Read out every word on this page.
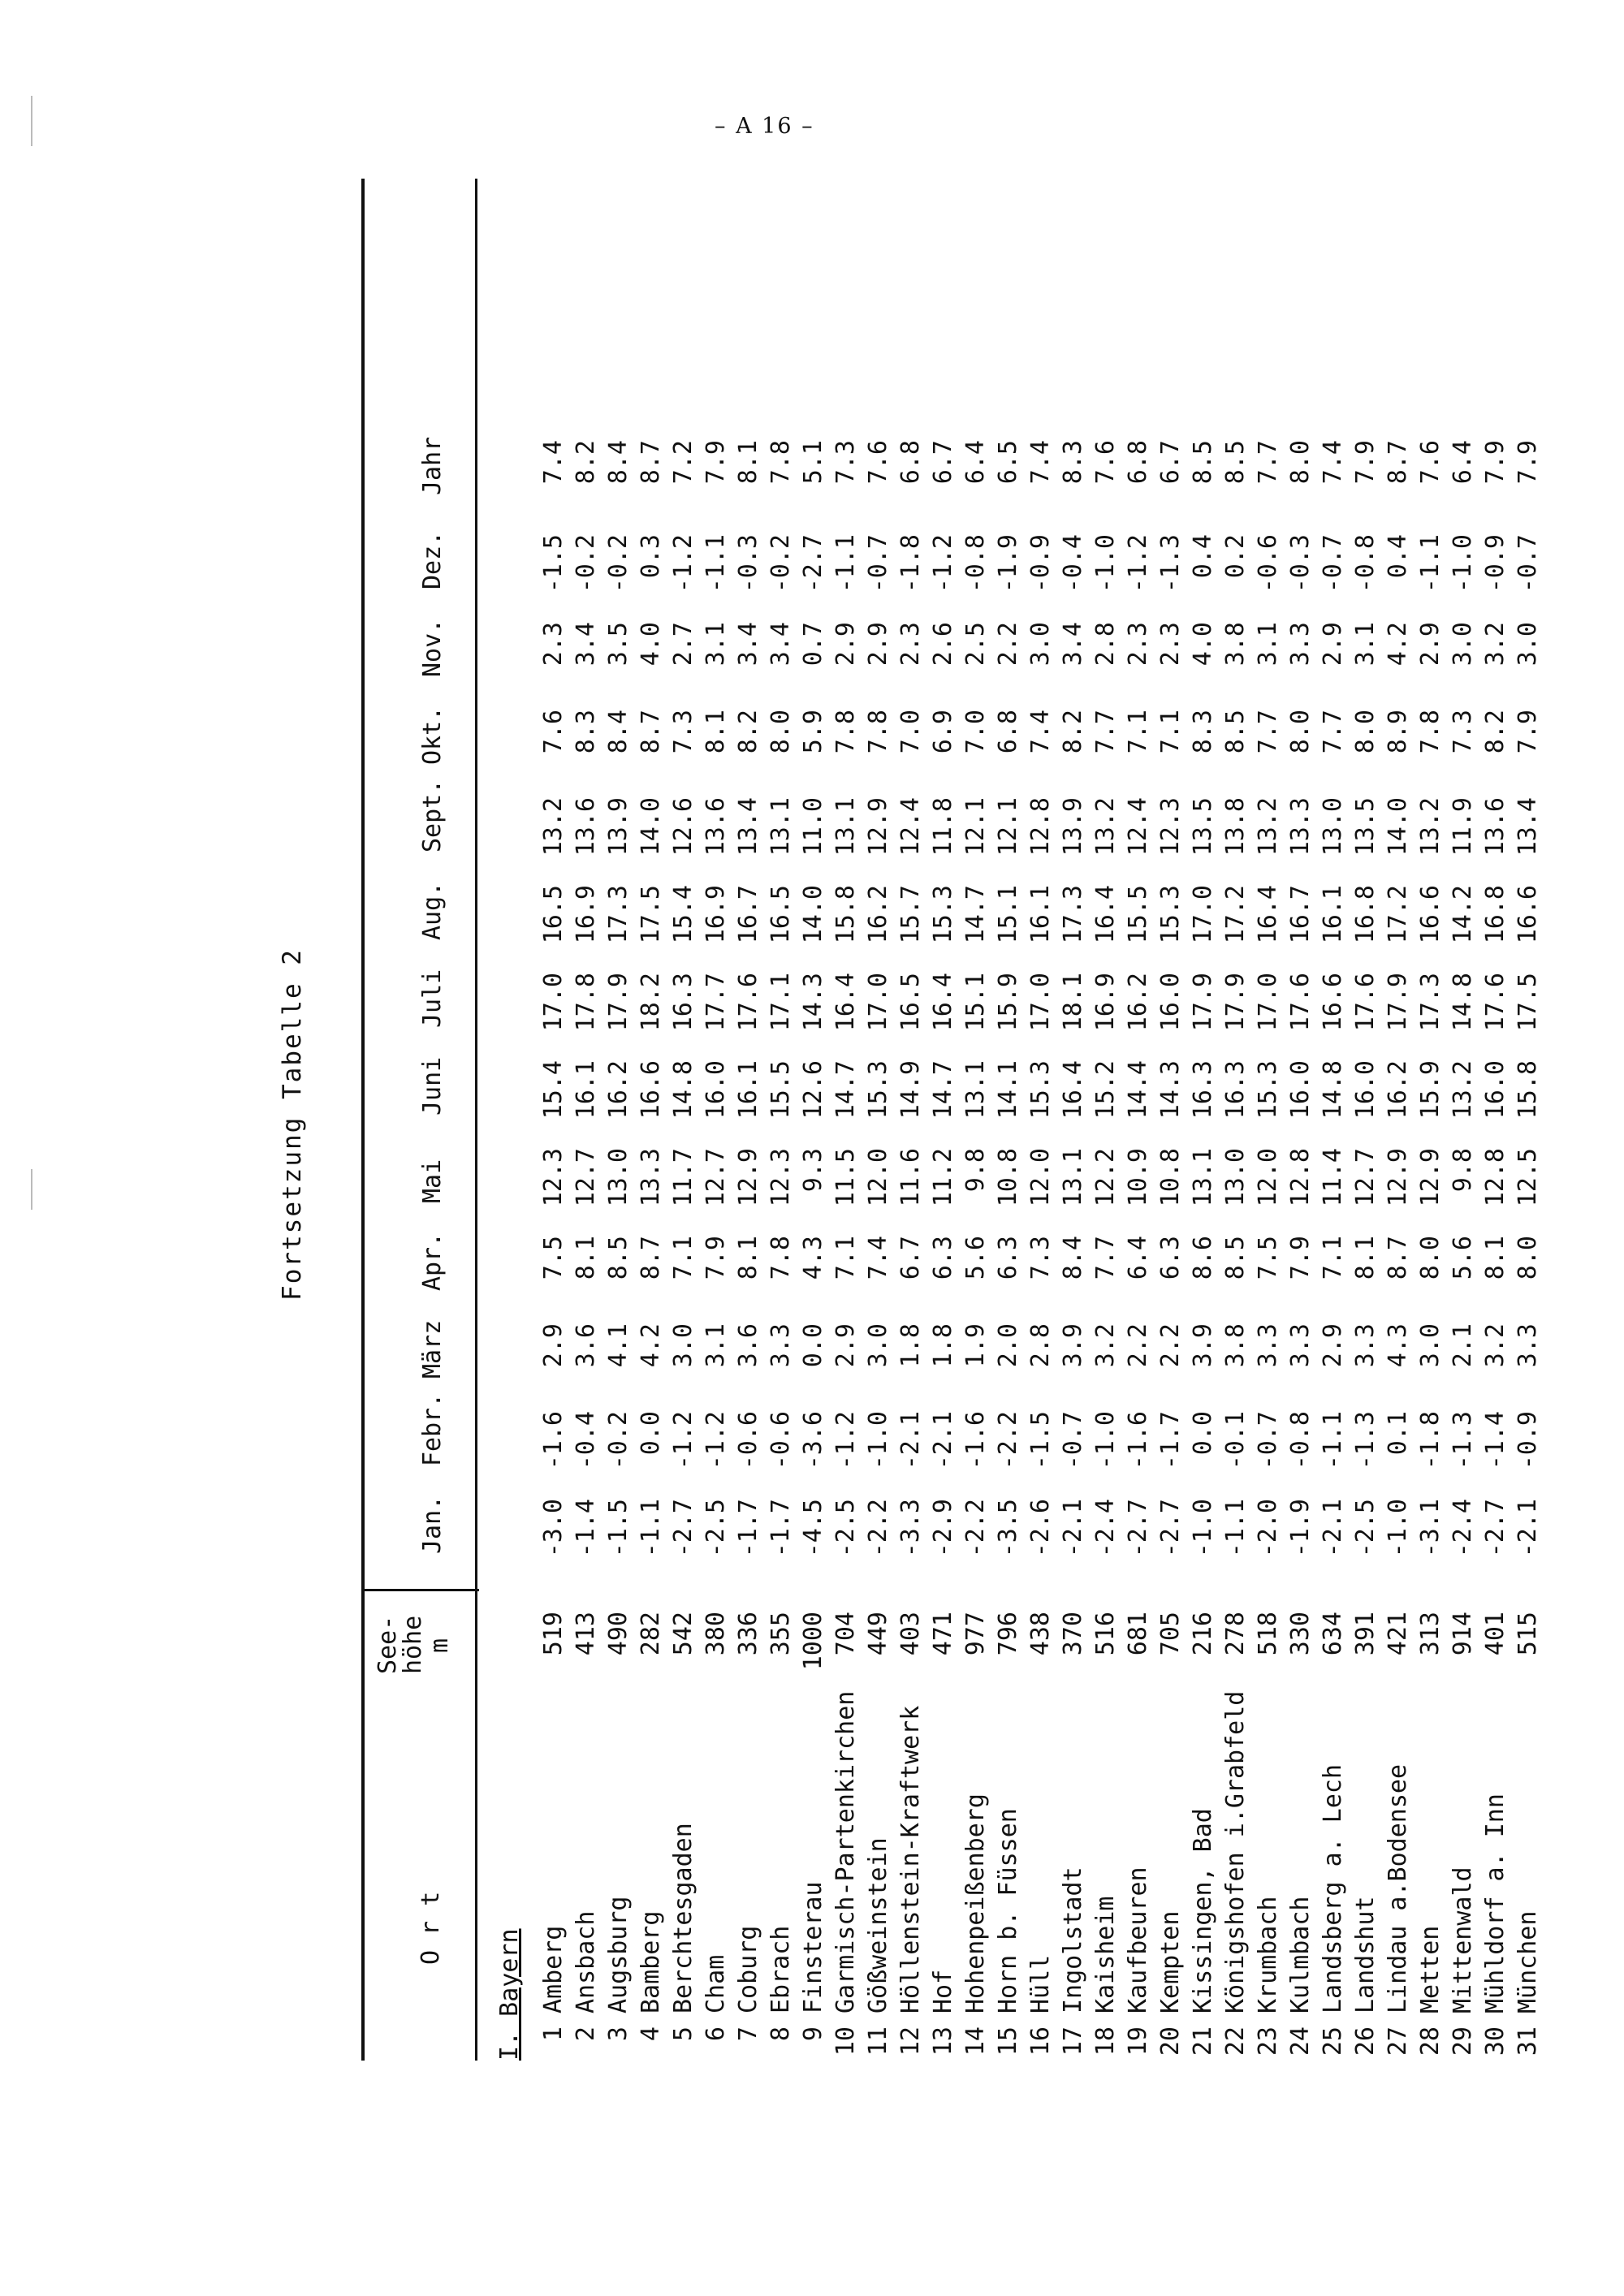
– A 16 –
Fortsetzung Tabelle 2
O r t
See-
höhe
m
Jan.
Febr.
März
Apr.
Mai
Juni
Juli
Aug.
Sept.
Okt.
Nov.
Dez.
Jahr
I. Bayern 1
Amberg
519
-3.0
-1.6
2.9
7.5
12.3
15.4
17.0
16.5
13.2
7.6
2.3
-1.5
7.4
2
Ansbach
413
-1.4
-0.4
3.6
8.1
12.7
16.1
17.8
16.9
13.6
8.3
3.4
-0.2
8.2
3
Augsburg
490
-1.5
-0.2
4.1
8.5
13.0
16.2
17.9
17.3
13.9
8.4
3.5
-0.2
8.4
4
Bamberg
282
-1.1
0.0
4.2
8.7
13.3
16.6
18.2
17.5
14.0
8.7
4.0
0.3
8.7
5
Berchtesgaden
542
-2.7
-1.2
3.0
7.1
11.7
14.8
16.3
15.4
12.6
7.3
2.7
-1.2
7.2
6
Cham
380
-2.5
-1.2
3.1
7.9
12.7
16.0
17.7
16.9
13.6
8.1
3.1
-1.1
7.9
7
Coburg
336
-1.7
-0.6
3.6
8.1
12.9
16.1
17.6
16.7
13.4
8.2
3.4
-0.3
8.1
8
Ebrach
355
-1.7
-0.6
3.3
7.8
12.3
15.5
17.1
16.5
13.1
8.0
3.4
-0.2
7.8
9
Finsterau
1000
-4.5
-3.6
0.0
4.3
9.3
12.6
14.3
14.0
11.0
5.9
0.7
-2.7
5.1
10
Garmisch-Partenkirchen
704
-2.5
-1.2
2.9
7.1
11.5
14.7
16.4
15.8
13.1
7.8
2.9
-1.1
7.3
11
Gößweinstein
449
-2.2
-1.0
3.0
7.4
12.0
15.3
17.0
16.2
12.9
7.8
2.9
-0.7
7.6
12
Höllenstein-Kraftwerk
403
-3.3
-2.1
1.8
6.7
11.6
14.9
16.5
15.7
12.4
7.0
2.3
-1.8
6.8
13
Hof
471
-2.9
-2.1
1.8
6.3
11.2
14.7
16.4
15.3
11.8
6.9
2.6
-1.2
6.7
14
Hohenpeißenberg
977
-2.2
-1.6
1.9
5.6
9.8
13.1
15.1
14.7
12.1
7.0
2.5
-0.8
6.4
15
Horn b. Füssen
796
-3.5
-2.2
2.0
6.3
10.8
14.1
15.9
15.1
12.1
6.8
2.2
-1.9
6.5
16
Hüll
438
-2.6
-1.5
2.8
7.3
12.0
15.3
17.0
16.1
12.8
7.4
3.0
-0.9
7.4
17
Ingolstadt
370
-2.1
-0.7
3.9
8.4
13.1
16.4
18.1
17.3
13.9
8.2
3.4
-0.4
8.3
18
Kaisheim
516
-2.4
-1.0
3.2
7.7
12.2
15.2
16.9
16.4
13.2
7.7
2.8
-1.0
7.6
19
Kaufbeuren
681
-2.7
-1.6
2.2
6.4
10.9
14.4
16.2
15.5
12.4
7.1
2.3
-1.2
6.8
20
Kempten
705
-2.7
-1.7
2.2
6.3
10.8
14.3
16.0
15.3
12.3
7.1
2.3
-1.3
6.7
21
Kissingen, Bad
216
-1.0
0.0
3.9
8.6
13.1
16.3
17.9
17.0
13.5
8.3
4.0
0.4
8.5
22
Königshofen i.Grabfeld
278
-1.1
-0.1
3.8
8.5
13.0
16.3
17.9
17.2
13.8
8.5
3.8
0.2
8.5
23
Krumbach
518
-2.0
-0.7
3.3
7.5
12.0
15.3
17.0
16.4
13.2
7.7
3.1
-0.6
7.7
24
Kulmbach
330
-1.9
-0.8
3.3
7.9
12.8
16.0
17.6
16.7
13.3
8.0
3.3
-0.3
8.0
25
Landsberg a. Lech
634
-2.1
-1.1
2.9
7.1
11.4
14.8
16.6
16.1
13.0
7.7
2.9
-0.7
7.4
26
Landshut
391
-2.5
-1.3
3.3
8.1
12.7
16.0
17.6
16.8
13.5
8.0
3.1
-0.8
7.9
27
Lindau a.Bodensee
421
-1.0
0.1
4.3
8.7
12.9
16.2
17.9
17.2
14.0
8.9
4.2
0.4
8.7
28
Metten
313
-3.1
-1.8
3.0
8.0
12.9
15.9
17.3
16.6
13.2
7.8
2.9
-1.1
7.6
29
Mittenwald
914
-2.4
-1.3
2.1
5.6
9.8
13.2
14.8
14.2
11.9
7.3
3.0
-1.0
6.4
30
Mühldorf a. Inn
401
-2.7
-1.4
3.2
8.1
12.8
16.0
17.6
16.8
13.6
8.2
3.2
-0.9
7.9
31
München
515
-2.1
-0.9
3.3
8.0
12.5
15.8
17.5
16.6
13.4
7.9
3.0
-0.7
7.9
